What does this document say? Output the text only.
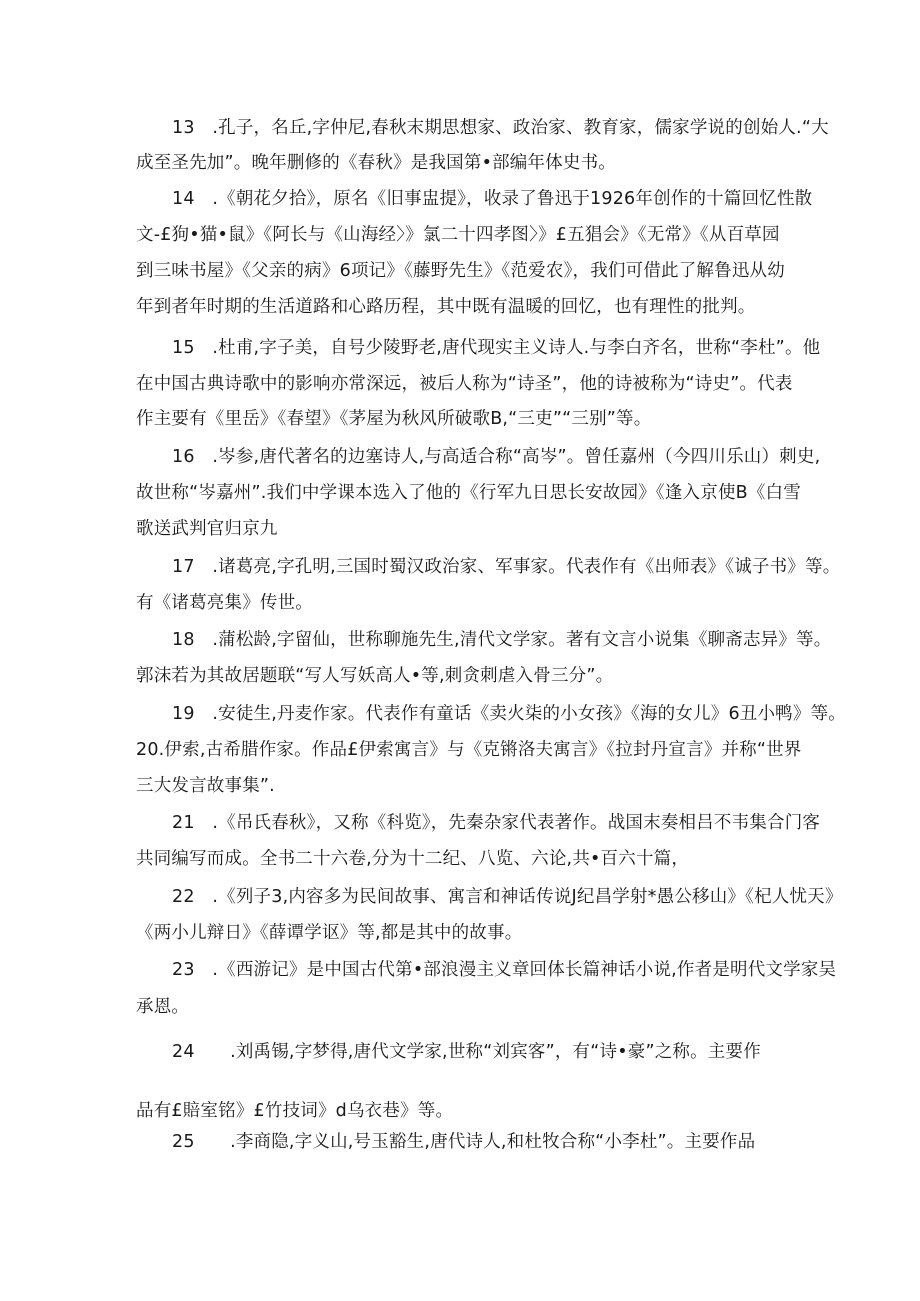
13　.孔子，名丘,字仲尼,春秋末期思想家、政治家、教育家，儒家学说的创始人.“大
成至圣先加”。晚年删修的《春秋》是我国第•部编年体史书。
14　.《朝花夕拾》，原名《旧事盅提》，收录了鲁迅于1926年创作的十篇回忆性散
文-£狗•猫•鼠》《阿长与《山海经〉》氯二十四孝图〉》£五猖会》《无常》《从百草园
到三味书屋》《父亲的病》6项记》《藤野先生》《范爱农》，我们可借此了解鲁迅从幼
年到者年时期的生活道路和心路历程，其中既有温暖的回忆，也有理性的批判。
15　.杜甫,字子美，自号少陵野老,唐代现实主义诗人.与李白齐名，世称“李杜”。他
在中国古典诗歌中的影响亦常深远，被后人称为“诗圣”，他的诗被称为“诗史”。代表
作主要有《里岳》《春望》《茅屋为秋风所破歌B,“三吏”“三别”等。
16　.岑参,唐代著名的边塞诗人,与高适合称“高岑”。曾任嘉州（今四川乐山）刺史,
故世称“岑嘉州”.我们中学课本选入了他的《行军九日思长安故园》《逢入京使B《白雪
歌送武判官归京九
17　.诸葛亮,字孔明,三国时蜀汉政治家、军事家。代表作有《出师表》《诚子书》等。
有《诸葛亮集》传世。
18　.蒲松龄,字留仙，世称聊施先生,清代文学家。著有文言小说集《聊斋志异》等。
郭沫若为其故居题联“写人写妖高人•等,刺贪刺虐入骨三分”。
19　.安徒生,丹麦作家。代表作有童话《卖火柒的小女孩》《海的女儿》6丑小鸭》等。
20.伊索,古希腊作家。作品£伊索寓言》与《克锵洛夫寓言》《拉封丹宣言》并称“世界
三大发言故事集”.
21　.《吊氏春秋》，又称《科览》，先秦杂家代表著作。战国末奏相吕不韦集合门客
共同编写而成。全书二十六卷,分为十二纪、八览、六论,共•百六十篇，
22　.《列子3,内容多为民间故事、寓言和神话传说J纪昌学射*愚公移山》《杞人忧天》
《两小儿辩日》《薛谭学讴》等,都是其中的故事。
23　.《西游记》是中国古代第•部浪漫主义章回体长篇神话小说,作者是明代文学家吴
承恩。
24　　.刘禹锡,字梦得,唐代文学家,世称“刘宾客”，有“诗•豪”之称。主要作
品有£賠室铭》£竹技词》d乌衣巷》等。
25　　.李商隐,字义山,号玉豁生,唐代诗人,和杜牧合称“小李杜”。主要作品
